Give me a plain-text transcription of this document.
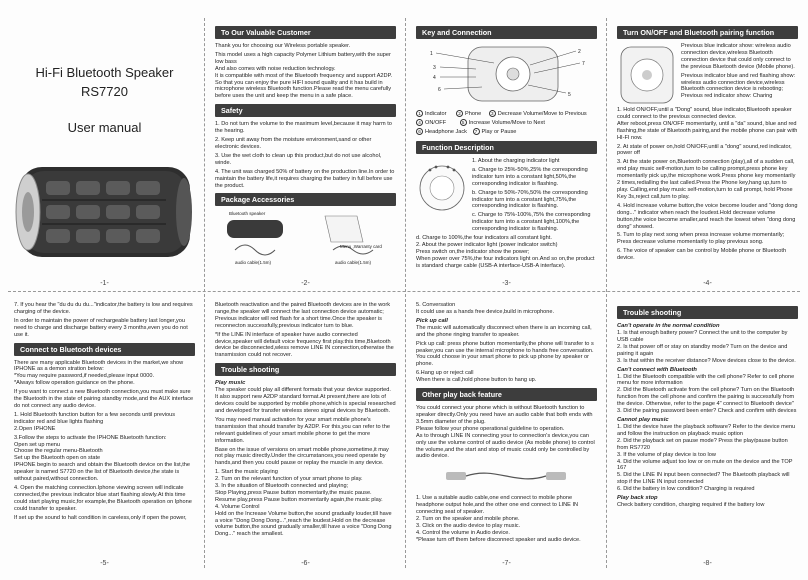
Hi-Fi Bluetooth Speaker
RS7720
User manual
-1-
To Our Valuable Customer

Thank you for choosing our Wireless portable speaker.

This model uses a high capacity Polymer Lithium battery,with the super low bass

And also comes with noise reduction technology.

It is compatible with most of the Bluetooth frequency and support A2DP.

So that you can enjoy the pure HIFI sound quality and it has build in microphone wireless Bluetooth function.Please read the menu carefully before uses the unit and keep the menu in a safe place.

Safety

1. Do not turn the volume to the maximum level,because it may harm to the hearing.

2. Keep unit away from the moisture environment,sand or other electronic devices.

3. Use the wet cloth to clean up this product,but do not use alcohol, winde.

4. The unit was charged 50% of battery on the production line.In order to maintain the battery life,it requires charging the battery in full before use the product.

Package Accessories
Bluetooth speaker
Menu ,Warranty card
audio cable(1.5m)	audio cable(1.5m)
-2-
Key and Connection
1
3
4
6
2
7
5
1 Indicator	2 Phone 3 Decrease Volume/Move to Previous
4 ON/OFF	5 Increase Volume/Move to Next
6 Headphone Jack 7 Play or Pause
Function Description

1. About the charging indicator light

a. Charge to 25%-50%,25% the corresponding indicator turn into a constant light,50%,the corresponding indicator is flashing.

b. Charge to 50%-70%,50% the corresponding indicator turn into a constant light,75%,the corresponding indicator is flashing.

c. Charge to 75%-100%,75% the corresponding indicator turn into a constant light,100%,the corresponding indicator is flashing.

d. Charge to 100%,the four indicators all constant light.

2. About the power indicator light (power indicator switch)

Press switch on,the indicator show the power;

When power over 75%,the four indicators light on.And so on,the product is standard charge cable (USB-A interface-USB-A interface).

-3-
Turn ON/OFF and Bluetooth pairing function

Previous blue indicator show: wireless audio connection device,wireless Bluetooth connection device that could only connect to the previous Bluetooth device (Mobile phone).

Previous indicator blue and red flashing show: wireless audio connection device,wireless Bluetooth connection device is rebooting;

Previous red indicator show: Charing

1. Hold ON/OFF,until a "Dong" sound, blue indicator,Bluetooth speaker could connect to the previous connected device.

After reboot,press ON/OFF momentarily, until a "da" sound, blue and red flashing,the state of Bluetooth pairing,and the mobile phone can pair with HI-FI now.

2. At state of power on,hold ON/OFF,until a "dong" sound,red indicator, power off

3. At the state power on,Bluetooth connection (play),all of a sudden call, end play music self-motion,turn to be calling prompt,press phone key momentarily pick up,the microphone work.Press phone key momentarily 2 times,redialling the last called.Press the Phone key,hang up,turn to play. Calling,end play music self-motion,turn to call prompt, hold Phone Key 3s,reject call,turn to play.

4. Hold increase volume button,the voice become louder and "dong dong dong..." indicator when reach the loudest.Hold decrease volume button,the voice become smaller,and reach the lowest when "dong dong dong" showed.

5. Turn to play next song when press increase volume momentarily; Press decrease volume momentarily to play previous song.

6. The voice of speaker can be control by Mobile phone or Bluetooth device.

-4-

7. If you hear the "du du du du..."indicator,the battery is low and requires charging of the device.

In order to maintain the power of rechargeable battery last longer,you need to charge and discharge battery every 3 months,even you do not use it.

Connect to Bluetooth devices

There are many applicable Bluetooth devices in the market,we show IPHONE as a demon stration below:

*You may require password,if needed,please input 0000.

*Always follow operation guidance on the phone.

If you want to connect a new Bluetooth connection,you must make sure the Bluetooth in the state of pairing standby mode,and the AUX interface do not connect any audio device.

1. Hold Bluetooth function button for a few seconds until previous indicator red and blue lights flashing

2.Open IPHONE

3.Follow the steps to activate the IPHONE Bluetooth function:

Open set up menu

Choose the regular menu-Bluetooth

Set up the Bluetooth open on state

IPHONE begin to search and obtain the Bluetooth device on the list,the speaker is named S7720 on the list of Bluetooth device,the state is without paired,without connection.

4. Open the matching connection.Iphone viewing screen will indicate connected,the previous indicator blue start flashing slowly.At this time could start playing music,for example,the Bluetooth operation on Iphone could transfer to speaker.

If set up the sound to halt condition in careless,only if open the power,

-5-

Bluetooth reactivation and the paired Bluetooth devices are in the work range,the speaker will connect the last connection device automatic; Previous indicator will red flash for a short time.Once the speaker is reconnecton successfully,previous indicator turn to blue.

*If the LINE IN interface of speaker have audio connected device,speaker will default voice frequency first play.this time,Bluetooth device be disconnected,wless remove LINE IN connection,otherwise the transmission could not recover.

Trouble shooting
Play music

The speaker could play all different formats that your device supported.

It also support new A2DP standard format.At present,there are lots of devices could be supported by mobile phone,which is special researched and developed for transfer wireless stereo signal devices by Bluetooth.

You may need manual activation for your smart mobile phone's transmission that should transfer by A2DP. For this,you can refer to the relevant guidelines of your smart mobile phone to get the more information.

Base on the issue of versions on smart mobile phone,sometime,it may not play music directly.Under the circumstances,you need operate by hands,and then you could pause or replay the muscle in any device.

1. Start the music playing

2. Turn on the relevant function of your smart phone to play.

3. In the situation of Bluetooth connected and playing;

Stop Playing,press Pause button momentarily,the music pause.

Resume play,press Pause button momentarily again,the music play.

4. Volume Control

Hold on the Increase Volume button,the sound gradually louder,till have a voice "Dong Dong Dong...",reach the loudest.Hold on the decrease volume button,the sound gradually smaller,till have a voice "Dong Dong Dong..." reach the smallest.

-6-

5. Conversation

It could use as a hands free device,build in microphone.

Pick up call

The music will automatically disconnect when there is an incoming call, and the phone ringing transfer to speaker.

Pick up call: press phone button momentarily,the phone will transfer to s peaker,you can use the internal microphone to hands free conversation. You could choose in your smart phone to pick up phone by speaker or phone.

6.Hang up or reject call

When there is call,hold phone button to hang up.

Other play back feature

You could connect your phone which is without Bluetooth function to speaker directly.Only you need have an audio cable that both ends with 3.5mm diameter of the plug.

Please follow your phone operational guideline to operation.

As to through LINE IN connecting your to connection's device,you can only use the volume control of audio device (As mobile phone) to control the volume,and the start and stop of music could only be controlled by audio device.

1. Use a suitable audio cable,one end connect to mobile phone headphone output hole,and the other one end connect to LINE IN connecting seat of speaker.

2. Turn on the speaker and mobile phone.

3. Click on the audio device to play music.

4. Control the volume in Audio device.

*Please turn off them before disconnect speaker and audio device.

-7-
Trouble shooting
Can't operate in the normal condition

1. Is that enough battery power? Connect the unit to the computer by USB cable

2. Is that power off or stay on standby mode? Turn on the device and pairing it again

3. Is that within the receiver distance? Move devices close to the device.

Can't connect with Bluetooth

1. Did the Bluetooth compatible with the cell phone? Refer to cell phone menu for more information

2. Did the Bluetooth activate from the cell phone? Turn on the Bluetooth function from the cell phone and confirm the pairing is successfully from the device. Otherwise, refer to the page 4" connect to Bluetooth device"

3. Did the pairing password been enter? Check and confirm with devices

Cannot play music

1. Did the device have the playback software? Refer to the device menu and follow the instruction on playback music option

2. Did the playback set on pause mode? Press the play/pause button from RS7720

3. If the volume of play device is too low

4. Did the volume adjust too low or on mute on the device and the TOP 167

5. Did the LINE IN input been connected? The Bluetooth playback will stop if the LINE IN input connected

6. Did the battery in low condition? Charging is required

Play back stop

Check battery condition, charging required if the battery low

-8-
